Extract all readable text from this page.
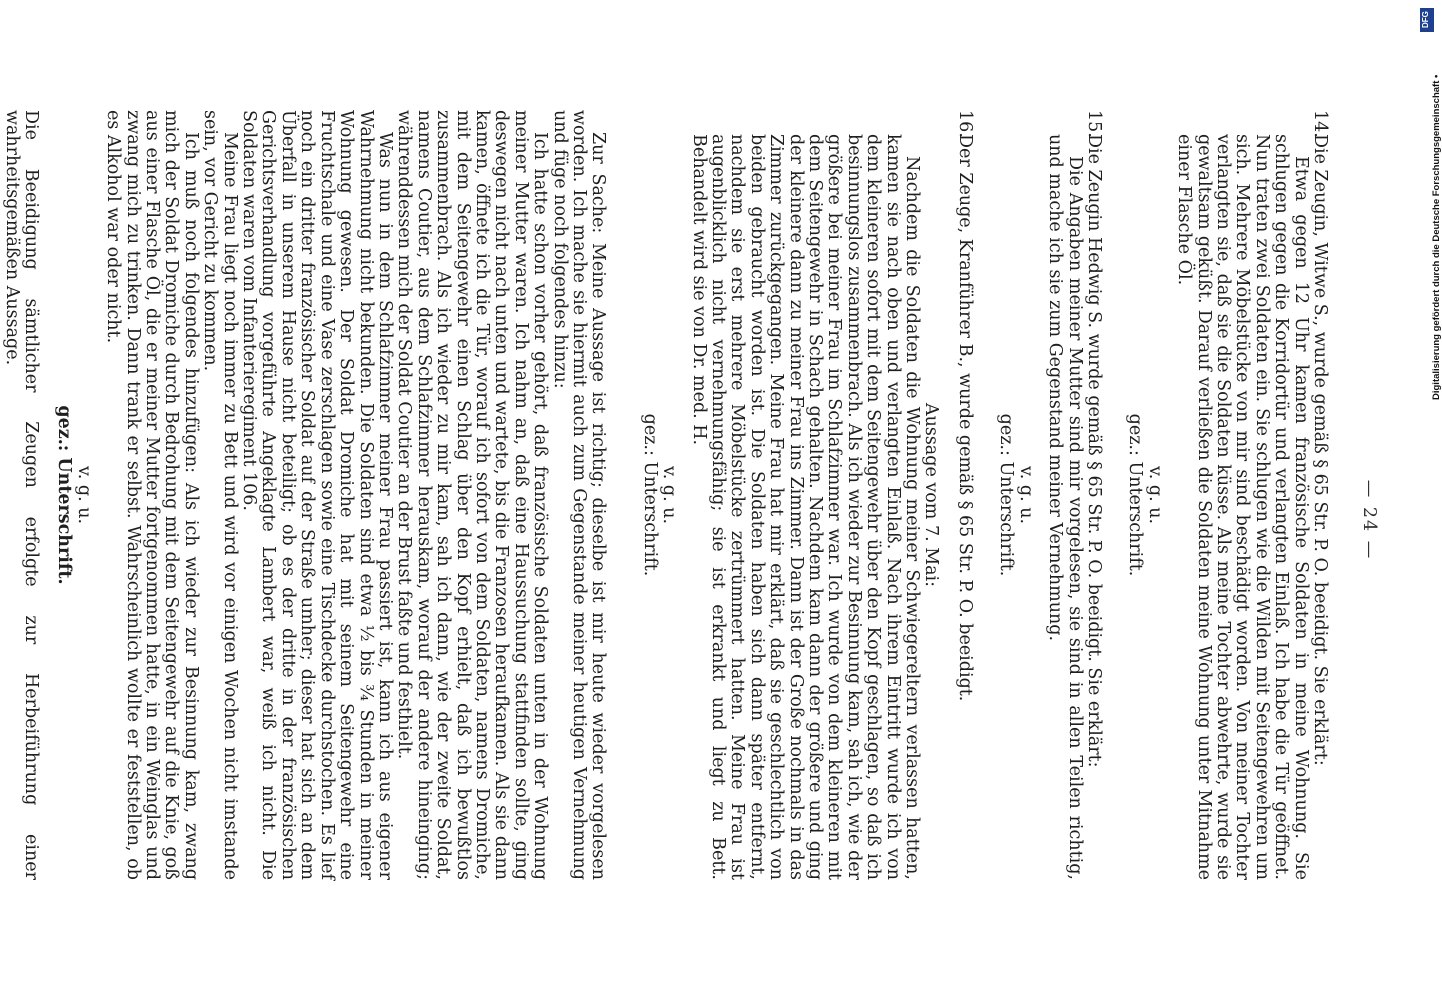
— 24 —

14.Die Zeugin, Witwe S., wurde gemäß § 65 Str. P. O. beeidigt. Sie erklärt:

Etwa gegen 12 Uhr kamen französische Soldaten in meine Wohnung. Sie schlugen gegen die Korridortür und verlangten Einlaß. Ich habe die Tür geöffnet. Nun traten zwei Soldaten ein. Sie schlugen wie die Wilden mit Seitengewehren um sich. Mehrere Möbelstücke von mir sind beschädigt worden. Von meiner Tochter verlangten sie, daß sie die Soldaten küsse. Als meine Tochter abwehrte, wurde sie gewaltsam geküßt. Darauf verließen die Soldaten meine Wohnung unter Mitnahme einer Flasche Öl.

v. g. u.

gez.: Unterschrift.

15.Die Zeugin Hedwig S. wurde gemäß § 65 Str. P. O. beeidigt. Sie erklärt:

Die Angaben meiner Mutter sind mir vorgelesen, sie sind in allen Teilen richtig, und mache ich sie zum Gegenstand meiner Vernehmung.

v. g. u.

gez.: Unterschrift.

16.Der Zeuge, Kranführer B., wurde gemäß § 65 Str. P. O. beeidigt.

Aussage vom 7. Mai:

Nachdem die Soldaten die Wohnung meiner Schwiegereltern verlassen hatten, kamen sie nach oben und verlangten Einlaß. Nach ihrem Eintritt wurde ich von dem kleineren sofort mit dem Seitengewehr über den Kopf geschlagen, so daß ich besinnungslos zusammenbrach. Als ich wieder zur Besinnung kam, sah ich, wie der größere bei meiner Frau im Schlafzimmer war. Ich wurde von dem kleineren mit dem Seitengewehr in Schach gehalten. Nachdem kam dann der größere und ging der kleinere dann zu meiner Frau ins Zimmer. Dann ist der Große nochmals in das Zimmer zurückgegangen. Meine Frau hat mir erklärt, daß sie geschlechtlich von beiden gebraucht worden ist. Die Soldaten haben sich dann später entfernt, nachdem sie erst mehrere Möbelstücke zertrümmert hatten. Meine Frau ist augenblicklich nicht vernehmungsfähig; sie ist erkrankt und liegt zu Bett. Behandelt wird sie von Dr. med. H.

v. g. u.

gez.: Unterschrift.

Zur Sache: Meine Aussage ist richtig; dieselbe ist mir heute wieder vorgelesen worden. Ich mache sie hiermit auch zum Gegenstande meiner heutigen Vernehmung und füge noch folgendes hinzu:

Ich hatte schon vorher gehört, daß französische Soldaten unten in der Wohnung meiner Mutter waren. Ich nahm an, daß eine Haussuchung stattfinden sollte, ging deswegen nicht nach unten und wartete, bis die Franzosen heraufkamen. Als sie dann kamen, öffnete ich die Tür, worauf ich sofort von dem Soldaten, namens Dromiche, mit dem Seitengewehr einen Schlag über den Kopf erhielt, daß ich bewußtlos zusammenbrach. Als ich wieder zu mir kam, sah ich dann, wie der zweite Soldat, namens Coutier, aus dem Schlafzimmer herauskam, worauf der andere hineinging; währenddessen mich der Soldat Coutier an der Brust faßte und festhielt.

Was nun in dem Schlafzimmer meiner Frau passiert ist, kann ich aus eigener Wahrnehmung nicht bekunden. Die Soldaten sind etwa ½ bis ¾ Stunden in meiner Wohnung gewesen. Der Soldat Dromiche hat mit seinem Seitengewehr eine Fruchtschale und eine Vase zerschlagen sowie eine Tischdecke durchstochen. Es lief noch ein dritter französischer Soldat auf der Straße umher; dieser hat sich an dem Überfall in unserem Hause nicht beteiligt; ob es der dritte in der französischen Gerichtsverhandlung vorgeführte Angeklagte Lambert war, weiß ich nicht. Die Soldaten waren vom Infanterieregiment 106.

Meine Frau liegt noch immer zu Bett und wird vor einigen Wochen nicht imstande sein, vor Gericht zu kommen.

Ich muß noch folgendes hinzufügen: Als ich wieder zur Besinnung kam, zwang mich der Soldat Dromiche durch Bedrohung mit dem Seitengewehr auf die Knie, goß aus einer Flasche Öl, die er meiner Mutter fortgenommen hatte, in ein Weinglas und zwang mich zu trinken. Dann trank er selbst. Wahrscheinlich wollte er feststellen, ob es Alkohol war oder nicht.

v. g. u.

gez.: Unterschrift.

Die Beeidigung sämtlicher Zeugen erfolgte zur Herbeiführung einer wahrheitsgemäßen Aussage.	Digitalisierung gefördert durch die Deutsche Forschungsgemeinschaft •
DFG
